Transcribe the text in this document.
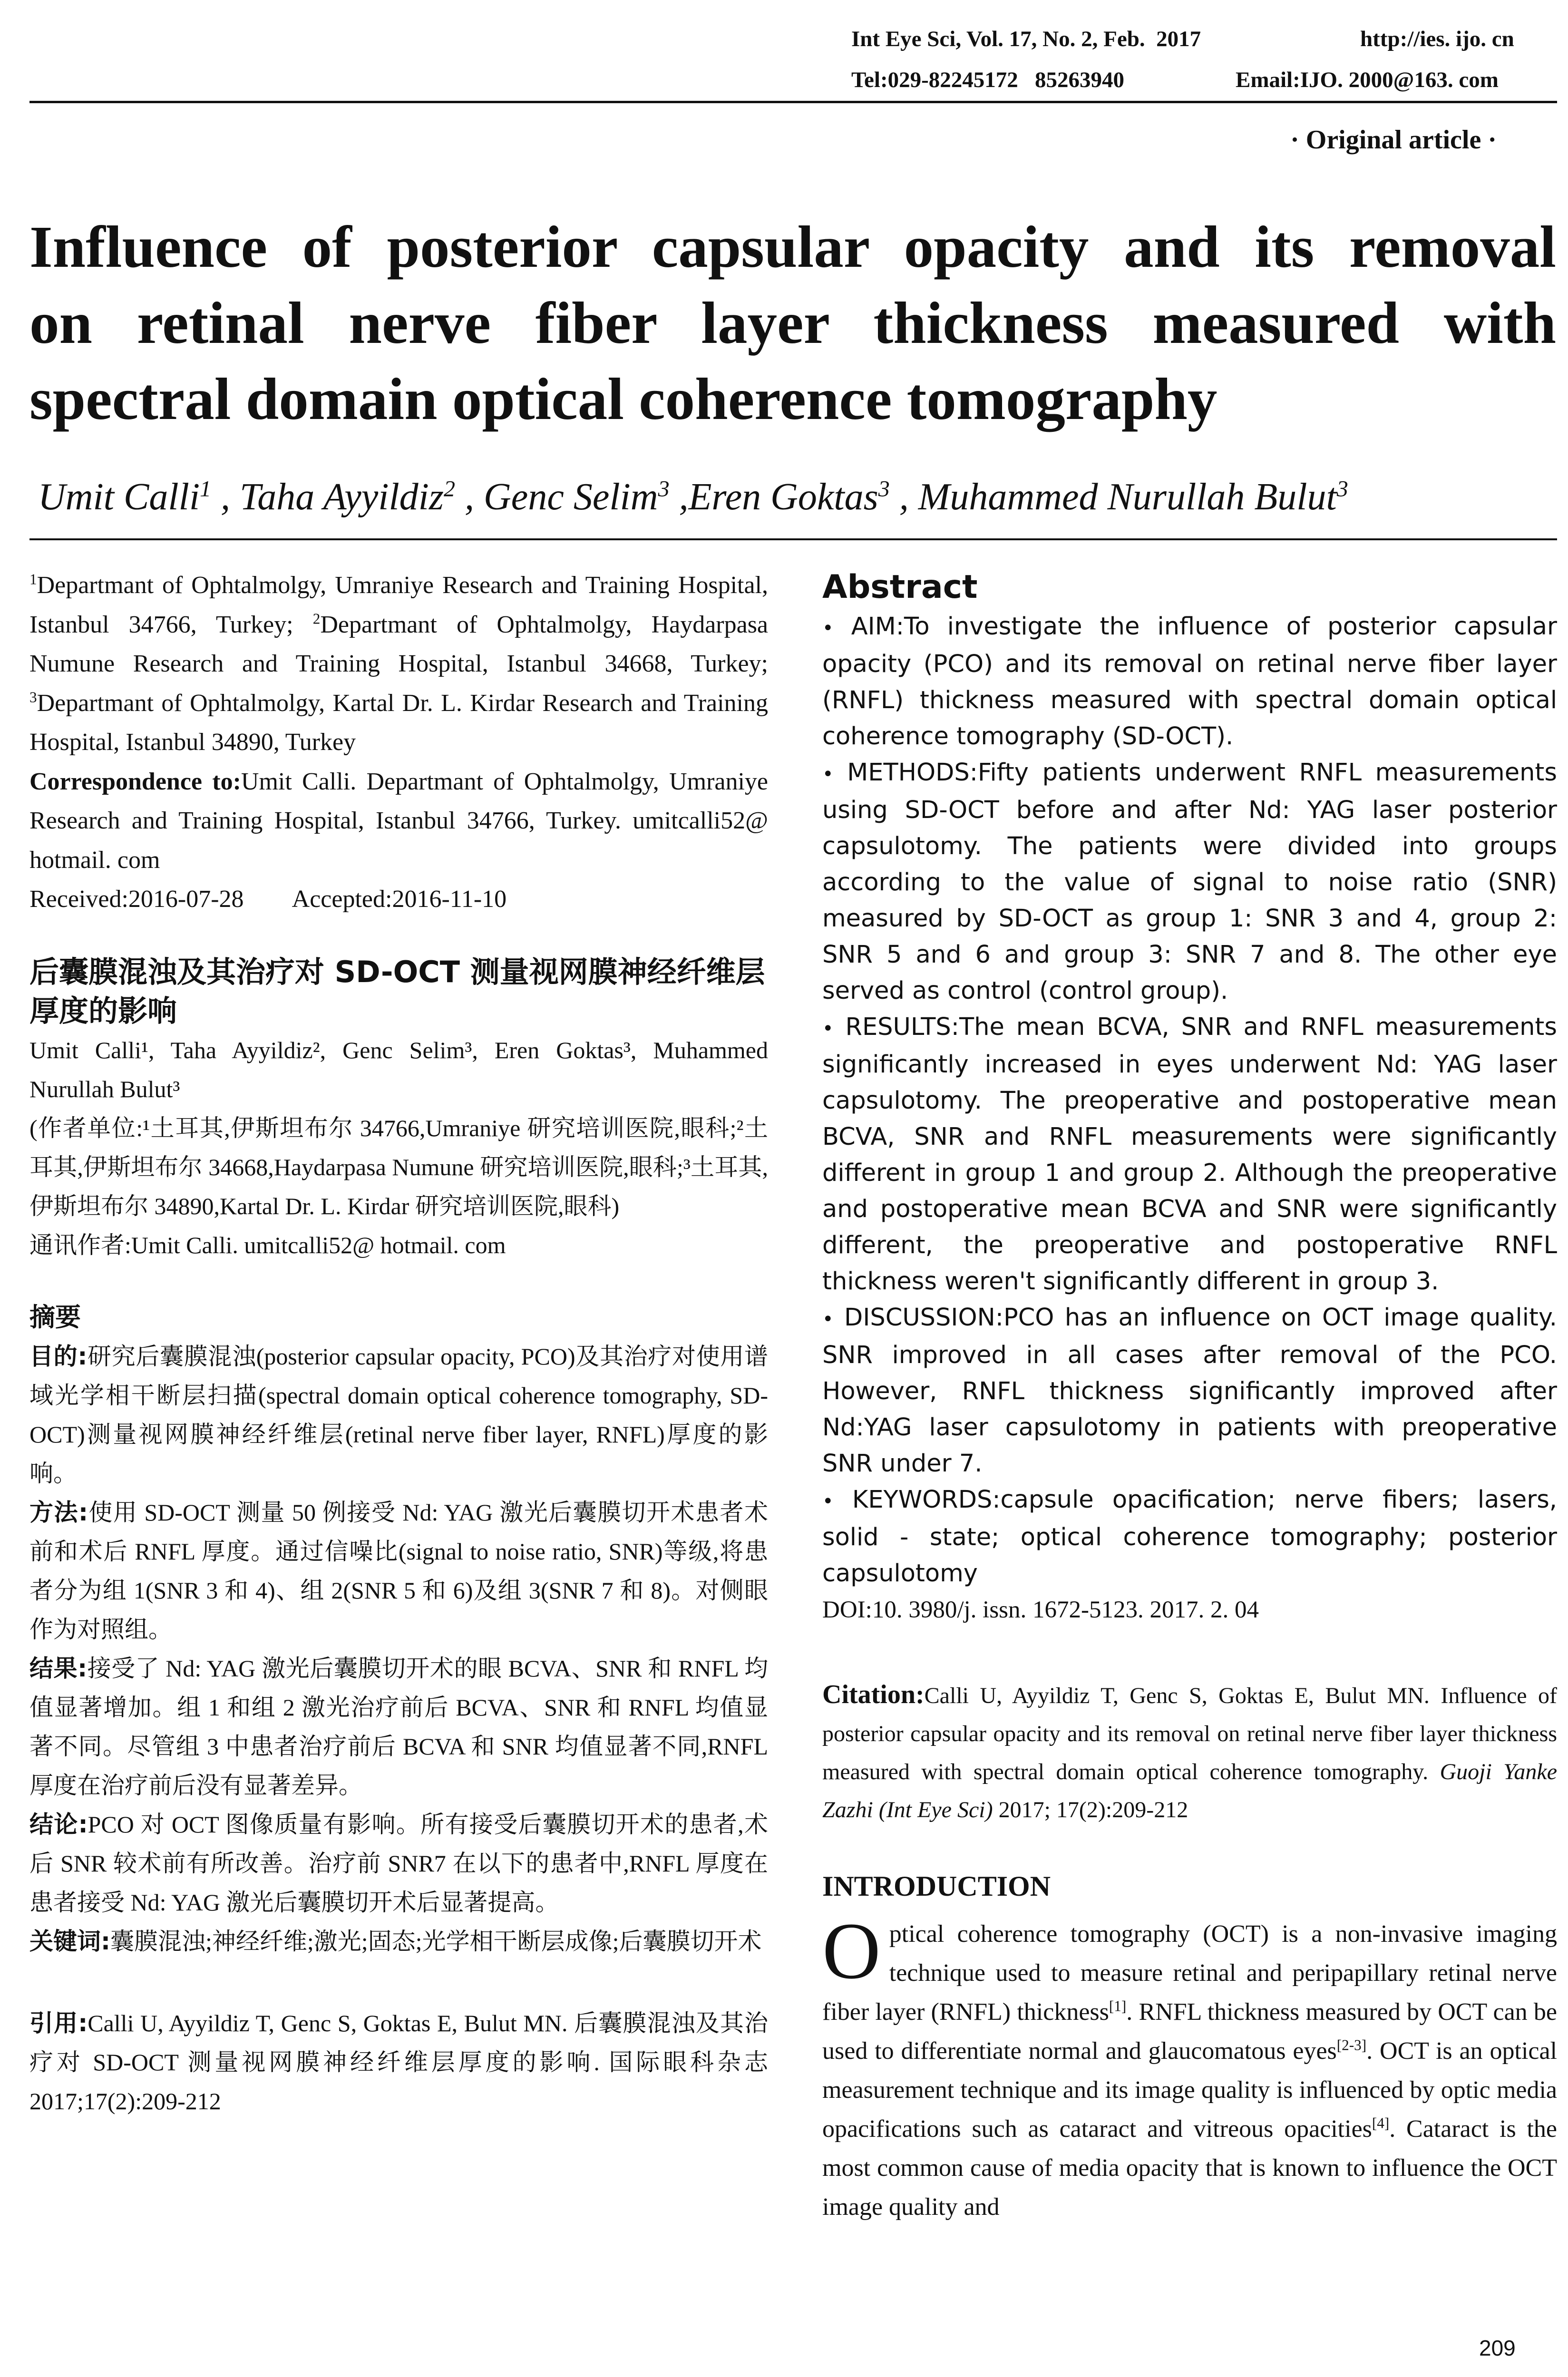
Int Eye Sci, Vol. 17, No. 2, Feb.  2017	http://ies. ijo. cn
Tel:029-82245172   85263940	Email:IJO. 2000@163. com
· Original article ·
Influence of posterior capsular opacity and its removal
on retinal nerve fiber layer thickness measured with
spectral domain optical coherence tomography
Umit Calli$^1$ , Taha Ayyildiz$^2$ , Genc Selim$^3$ ,Eren Goktas$^3$ , Muhammed Nurullah Bulut$^3$

$^1$Departmant of Ophtalmolgy, Umraniye Research and Training Hospital, Istanbul 34766, Turkey; $^2$Departmant of Ophtalmolgy, Haydarpasa Numune Research and Training Hospital, Istanbul 34668, Turkey; $^3$Departmant of Ophtalmolgy, Kartal Dr. L. Kirdar Research and Training Hospital, Istanbul 34890, Turkey

Correspondence to:Umit Calli. Departmant of Ophtalmolgy, Umraniye Research and Training Hospital, Istanbul 34766, Turkey. umitcalli52@ hotmail. com

Received:2016-07-28 Accepted:2016-11-10

后囊膜混浊及其治疗对 SD-OCT 测量视网膜神经纤维层厚度的影响
Umit Calli¹, Taha Ayyildiz², Genc Selim³, Eren Goktas³, Muhammed Nurullah Bulut³
(作者单位:¹土耳其,伊斯坦布尔 34766,Umraniye 研究培训医院,眼科;²土耳其,伊斯坦布尔 34668,Haydarpasa Numune 研究培训医院,眼科;³土耳其,伊斯坦布尔 34890,Kartal Dr. L. Kirdar 研究培训医院,眼科)
通讯作者:Umit Calli. umitcalli52@ hotmail. com
摘要
目的:研究后囊膜混浊(posterior capsular opacity, PCO)及其治疗对使用谱域光学相干断层扫描(spectral domain optical coherence tomography, SD-OCT)测量视网膜神经纤维层(retinal nerve fiber layer, RNFL)厚度的影响。
方法:使用 SD-OCT 测量 50 例接受 Nd: YAG 激光后囊膜切开术患者术前和术后 RNFL 厚度。通过信噪比(signal to noise ratio, SNR)等级,将患者分为组 1(SNR 3 和 4)、组 2(SNR 5 和 6)及组 3(SNR 7 和 8)。对侧眼作为对照组。
结果:接受了 Nd: YAG 激光后囊膜切开术的眼 BCVA、SNR 和 RNFL 均值显著增加。组 1 和组 2 激光治疗前后 BCVA、SNR 和 RNFL 均值显著不同。尽管组 3 中患者治疗前后 BCVA 和 SNR 均值显著不同,RNFL 厚度在治疗前后没有显著差异。
结论:PCO 对 OCT 图像质量有影响。所有接受后囊膜切开术的患者,术后 SNR 较术前有所改善。治疗前 SNR7 在以下的患者中,RNFL 厚度在患者接受 Nd: YAG 激光后囊膜切开术后显著提高。
关键词:囊膜混浊;神经纤维;激光;固态;光学相干断层成像;后囊膜切开术
引用:Calli U, Ayyildiz T, Genc S, Goktas E, Bulut MN. 后囊膜混浊及其治疗对 SD-OCT 测量视网膜神经纤维层厚度的影响. 国际眼科杂志 2017;17(2):209-212
Abstract

• AIM:To investigate the influence of posterior capsular opacity (PCO) and its removal on retinal nerve fiber layer (RNFL) thickness measured with spectral domain optical coherence tomography (SD-OCT).

• METHODS:Fifty patients underwent RNFL measurements using SD-OCT before and after Nd: YAG laser posterior capsulotomy. The patients were divided into groups according to the value of signal to noise ratio (SNR) measured by SD-OCT as group 1: SNR 3 and 4, group 2: SNR 5 and 6 and group 3: SNR 7 and 8. The other eye served as control (control group).

• RESULTS:The mean BCVA, SNR and RNFL measurements significantly increased in eyes underwent Nd: YAG laser capsulotomy. The preoperative and postoperative mean BCVA, SNR and RNFL measurements were significantly different in group 1 and group 2. Although the preoperative and postoperative mean BCVA and SNR were significantly different, the preoperative and postoperative RNFL thickness weren't significantly different in group 3.

• DISCUSSION:PCO has an influence on OCT image quality. SNR improved in all cases after removal of the PCO. However, RNFL thickness significantly improved after Nd:YAG laser capsulotomy in patients with preoperative SNR under 7.

• KEYWORDS:capsule opacification; nerve fibers; lasers, solid - state; optical coherence tomography; posterior capsulotomy

DOI:10. 3980/j. issn. 1672-5123. 2017. 2. 04

Citation:Calli U, Ayyildiz T, Genc S, Goktas E, Bulut MN. Influence of posterior capsular opacity and its removal on retinal nerve fiber layer thickness measured with spectral domain optical coherence tomography. Guoji Yanke Zazhi (Int Eye Sci) 2017; 17(2):209-212
INTRODUCTION
Optical coherence tomography (OCT) is a non-invasive imaging technique used to measure retinal and peripapillary retinal nerve fiber layer (RNFL) thickness[1]. RNFL thickness measured by OCT can be used to differentiate normal and glaucomatous eyes[2-3]. OCT is an optical measurement technique and its image quality is influenced by optic media opacifications such as cataract and vitreous opacities[4]. Cataract is the most common cause of media opacity that is known to influence the OCT image quality and
209
